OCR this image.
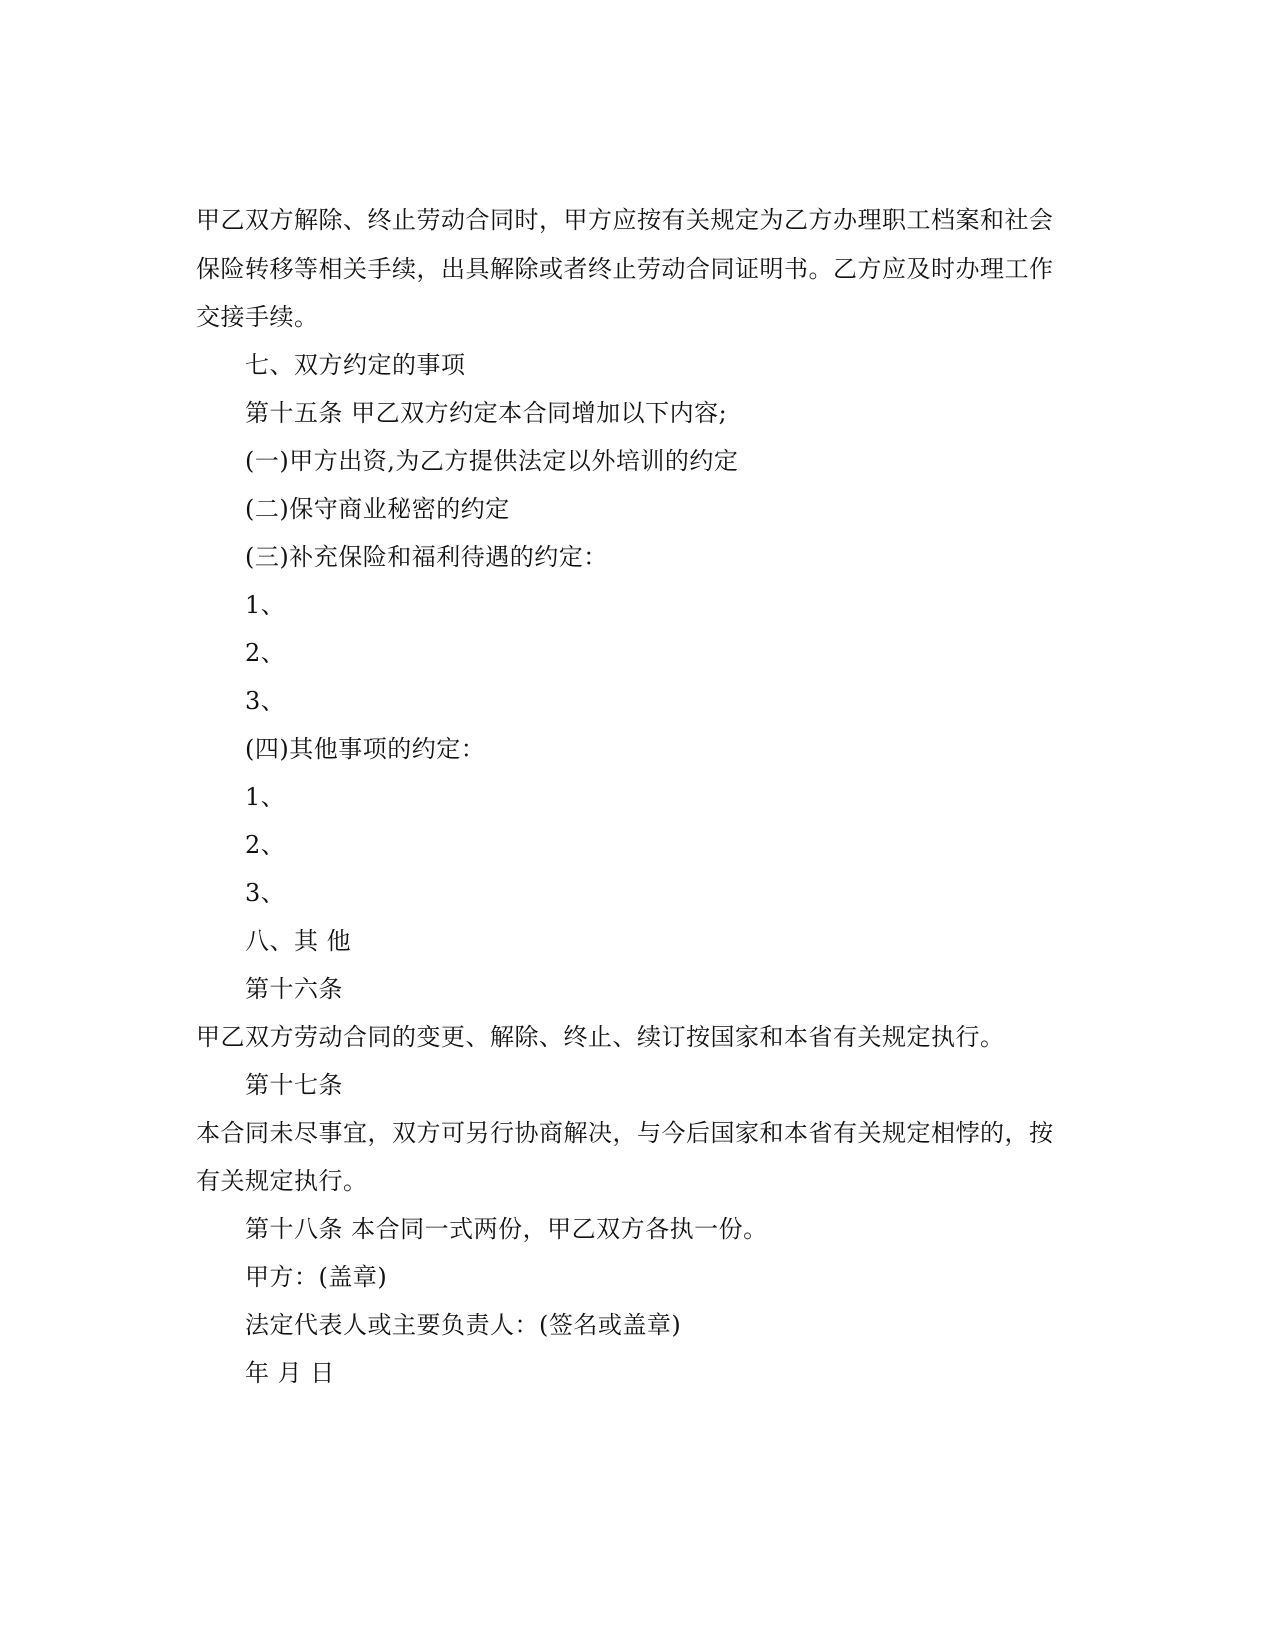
甲乙双方解除、终止劳动合同时，甲方应按有关规定为乙方办理职工档案和社会
保险转移等相关手续，出具解除或者终止劳动合同证明书。乙方应及时办理工作
交接手续。
七、双方约定的事项
第十五条 甲乙双方约定本合同增加以下内容;
(一)甲方出资,为乙方提供法定以外培训的约定
(二)保守商业秘密的约定
(三)补充保险和福利待遇的约定：
1、
2、
3、
(四)其他事项的约定：
1、
2、
3、
八、其 他
第十六条
甲乙双方劳动合同的变更、解除、终止、续订按国家和本省有关规定执行。
第十七条
本合同未尽事宜，双方可另行协商解决，与今后国家和本省有关规定相悖的，按
有关规定执行。
第十八条 本合同一式两份，甲乙双方各执一份。
甲方：(盖章)
法定代表人或主要负责人：(签名或盖章)
年 月 日
